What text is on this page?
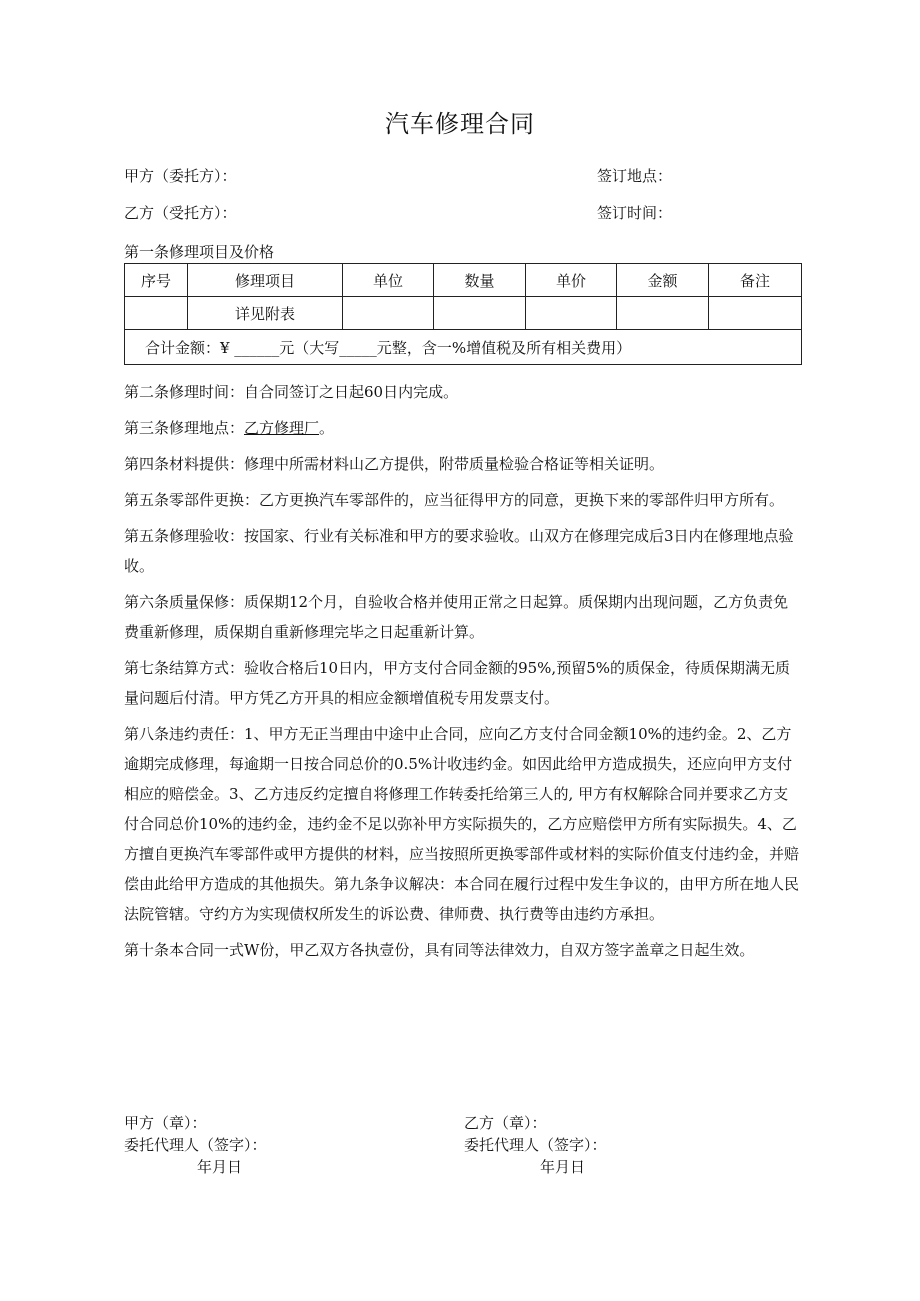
汽车修理合同
甲方（委托方）：	签订地点：
乙方（受托方）：	签订时间：
第一条修理项目及价格
序号	修理项目	单位	数量	单价	金额	备注
	详见附表					
合计金额：¥ ______元（大写_____元整，含一%增值税及所有相关费用）						

第二条修理时间：自合同签订之日起60日内完成。

第三条修理地点：乙方修理厂。

第四条材料提供：修理中所需材料山乙方提供，附带质量检验合格证等相关证明。

第五条零部件更换：乙方更换汽车零部件的，应当征得甲方的同意，更换下来的零部件归甲方所有。

第五条修理验收：按国家、行业有关标准和甲方的要求验收。山双方在修理完成后3日内在修理地点验收。

第六条质量保修：质保期12个月，自验收合格并使用正常之日起算。质保期内出现问题，乙方负责免费重新修理，质保期自重新修理完毕之日起重新计算。

第七条结算方式：验收合格后10日内，甲方支付合同金额的95%,预留5%的质保金，待质保期满无质量问题后付清。甲方凭乙方开具的相应金额增值税专用发票支付。

第八条违约责任：1、甲方无正当理由中途中止合同，应向乙方支付合同金额10%的违约金。2、乙方逾期完成修理，每逾期一日按合同总价的0.5%计收违约金。如因此给甲方造成损失，还应向甲方支付相应的赔偿金。3、乙方违反约定擅自将修理工作转委托给第三人的, 甲方有权解除合同并要求乙方支付合同总价10%的违约金，违约金不足以弥补甲方实际损失的，乙方应赔偿甲方所有实际损失。4、乙方擅自更换汽车零部件或甲方提供的材料，应当按照所更换零部件或材料的实际价值支付违约金，并赔偿由此给甲方造成的其他损失。第九条争议解决：本合同在履行过程中发生争议的，由甲方所在地人民法院管辖。守约方为实现债权所发生的诉讼费、律师费、执行费等由违约方承担。

第十条本合同一式W份，甲乙双方各执壹份，具有同等法律效力，自双方签字盖章之日起生效。

甲方（章）：
委托代理人（签字）：
年月日
乙方（章）：
委托代理人（签字）：
年月日
